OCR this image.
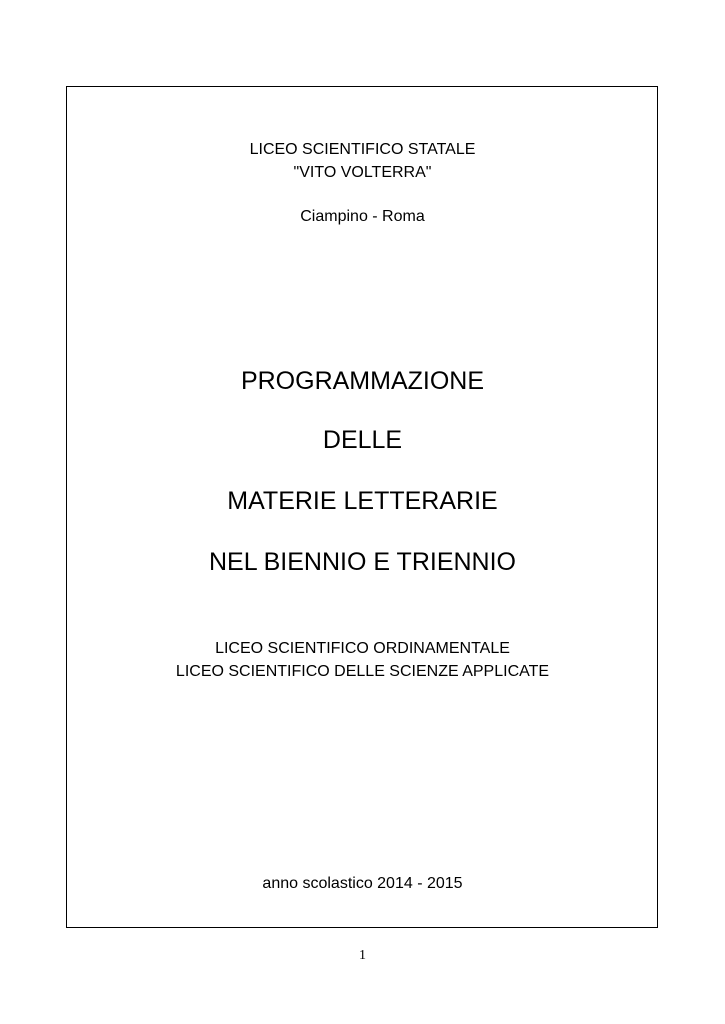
LICEO SCIENTIFICO STATALE
"VITO VOLTERRA"
Ciampino - Roma
PROGRAMMAZIONE
DELLE
MATERIE LETTERARIE
NEL BIENNIO E TRIENNIO
LICEO SCIENTIFICO ORDINAMENTALE
LICEO SCIENTIFICO DELLE SCIENZE APPLICATE
anno scolastico 2014 - 2015
1
